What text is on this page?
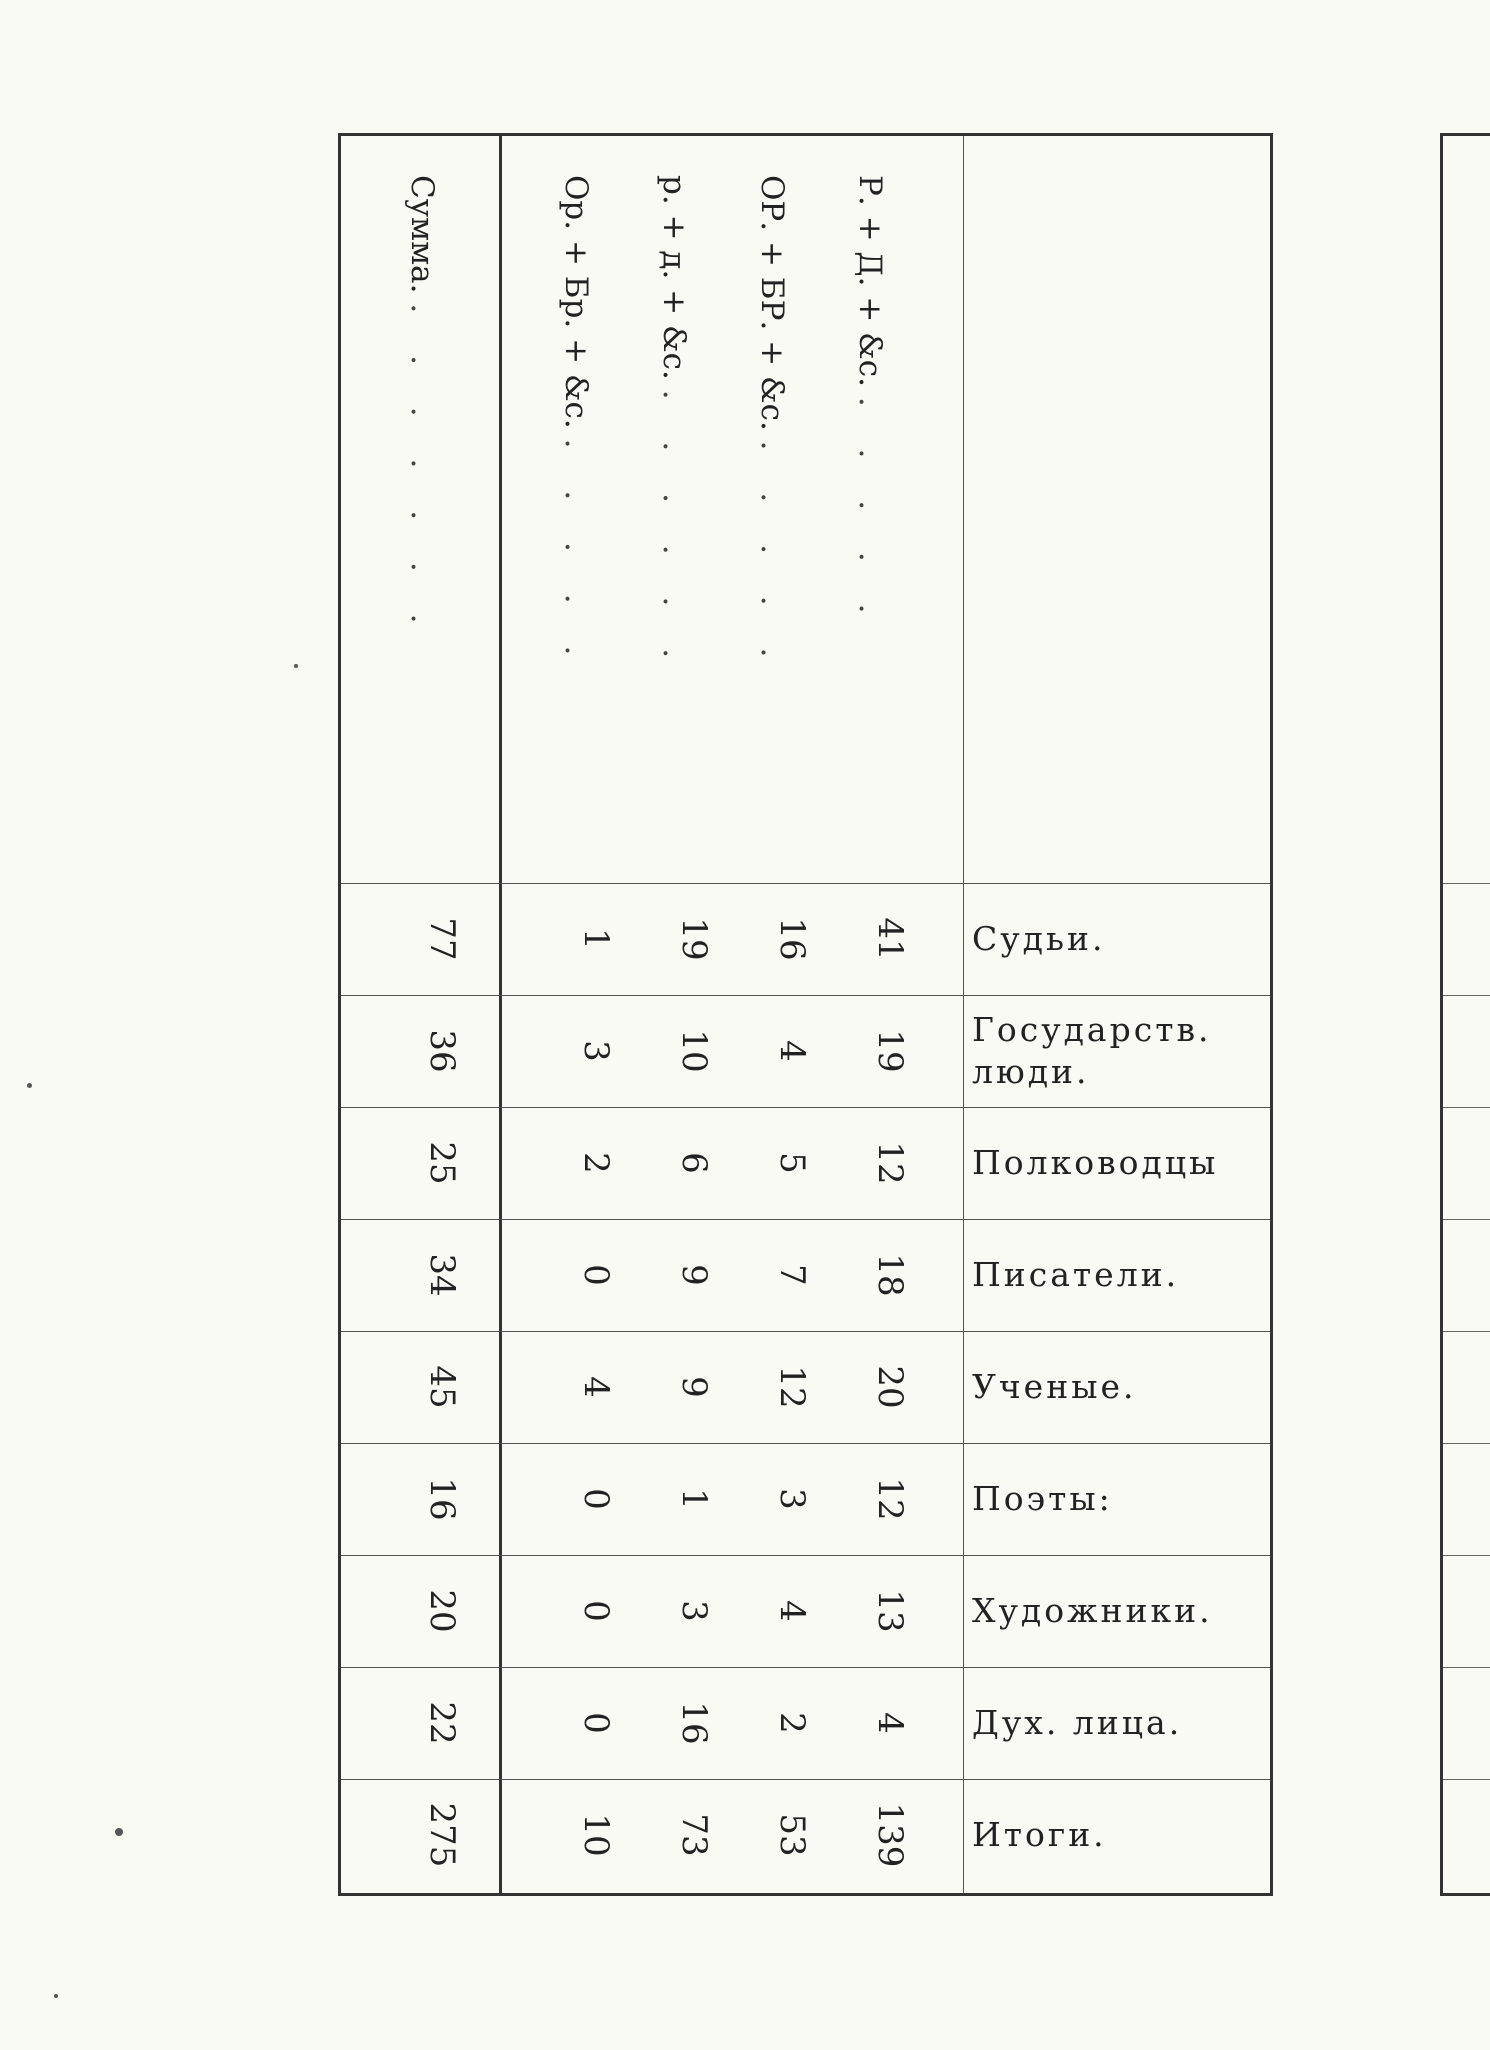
Р. + Д. + &c. . . . . .
ОР. + БР. + &c. . . . . .
р. + д. + &c. . . . . . .
Ор. + Бр. + &c. . . . . .
Сумма. . . . . . . .
Судьи.
Государств.
люди.
Полководцы
Писатели.
Ученые.
Поэты:
Художники.
Дух. лица.
Итоги.
41
19
12
18
20
12
13
4
139
16
4
5
7
12
3
4
2
53
19
10
6
9
9
1
3
16
73
1
3
2
0
4
0
0
0
10
77
36
25
34
45
16
20
22
275
